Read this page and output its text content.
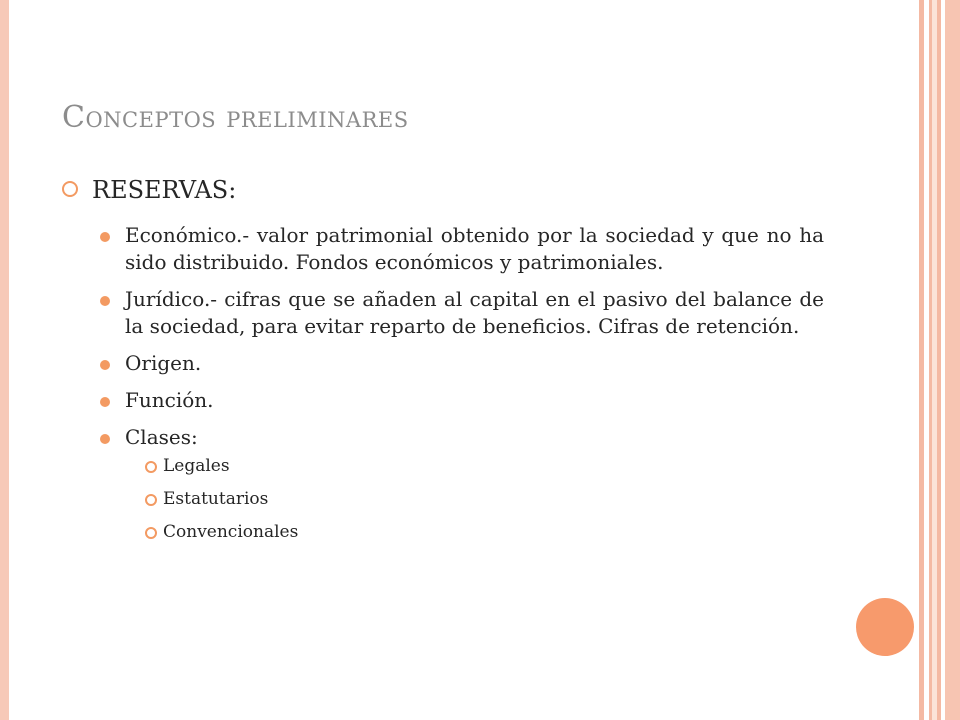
Conceptos preliminares
RESERVAS:
Económico.- valor patrimonial obtenido por la sociedad y que no ha sido distribuido. Fondos económicos y patrimoniales.
Jurídico.- cifras que se añaden al capital en el pasivo del balance de la sociedad, para evitar reparto de beneficios. Cifras de retención.
Origen.
Función.
Clases:
Legales
Estatutarios
Convencionales
